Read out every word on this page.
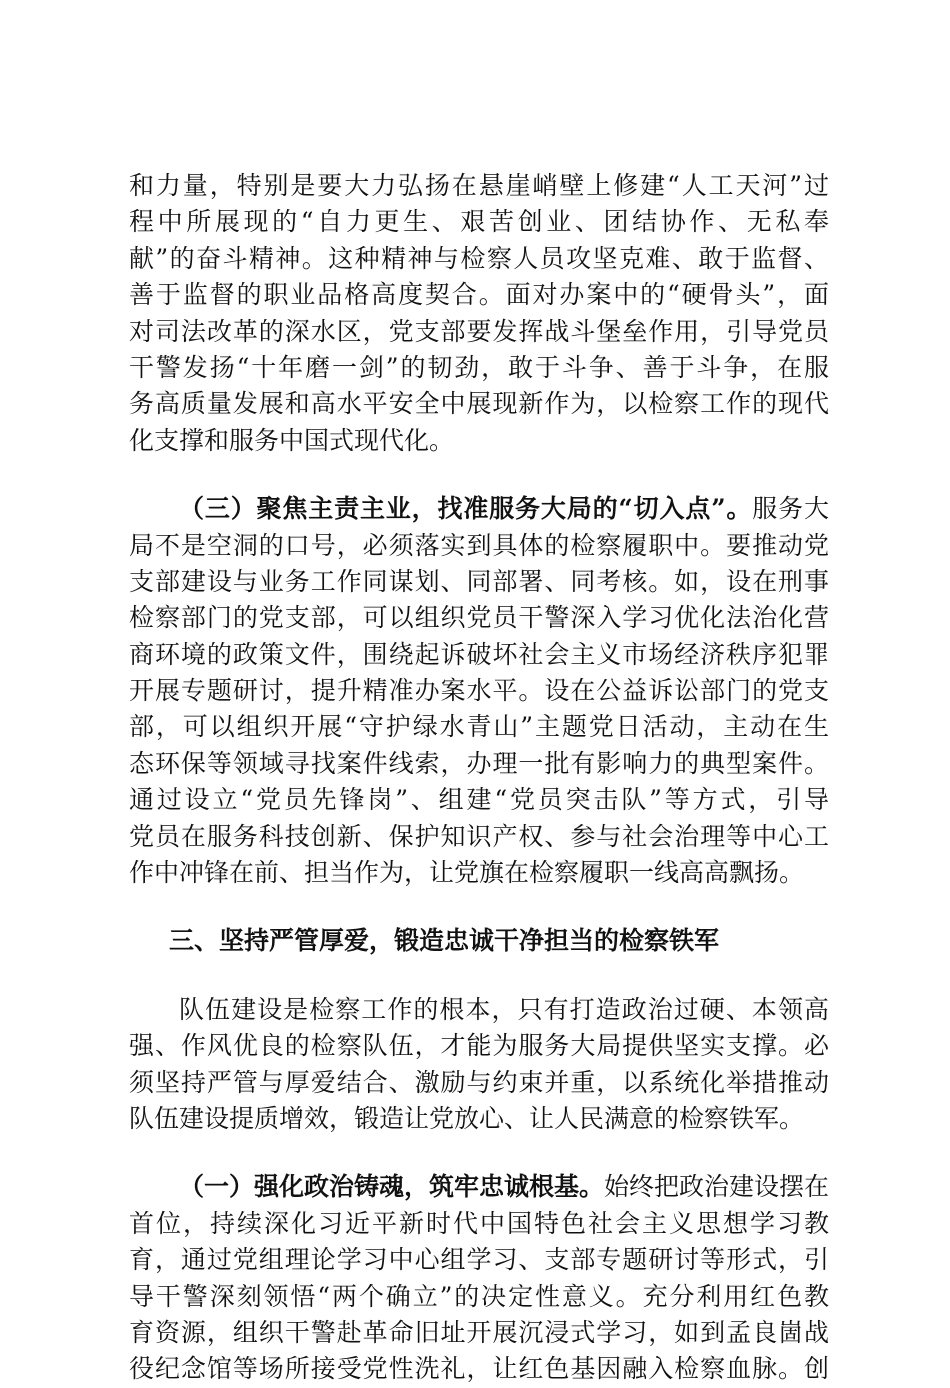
和力量，特别是要大力弘扬在悬崖峭壁上修建“人工天河”过
程中所展现的“自力更生、艰苦创业、团结协作、无私奉
献”的奋斗精神。这种精神与检察人员攻坚克难、敢于监督、
善于监督的职业品格高度契合。面对办案中的“硬骨头”，面
对司法改革的深水区，党支部要发挥战斗堡垒作用，引导党员
干警发扬“十年磨一剑”的韧劲，敢于斗争、善于斗争，在服
务高质量发展和高水平安全中展现新作为，以检察工作的现代
化支撑和服务中国式现代化。
（三）聚焦主责主业，找准服务大局的“切入点”。服务大
局不是空洞的口号，必须落实到具体的检察履职中。要推动党
支部建设与业务工作同谋划、同部署、同考核。如，设在刑事
检察部门的党支部，可以组织党员干警深入学习优化法治化营
商环境的政策文件，围绕起诉破坏社会主义市场经济秩序犯罪
开展专题研讨，提升精准办案水平。设在公益诉讼部门的党支
部，可以组织开展“守护绿水青山”主题党日活动，主动在生
态环保等领域寻找案件线索，办理一批有影响力的典型案件。
通过设立“党员先锋岗”、组建“党员突击队”等方式，引导
党员在服务科技创新、保护知识产权、参与社会治理等中心工
作中冲锋在前、担当作为，让党旗在检察履职一线高高飘扬。
三、坚持严管厚爱，锻造忠诚干净担当的检察铁军
队伍建设是检察工作的根本，只有打造政治过硬、本领高
强、作风优良的检察队伍，才能为服务大局提供坚实支撑。必
须坚持严管与厚爱结合、激励与约束并重，以系统化举措推动
队伍建设提质增效，锻造让党放心、让人民满意的检察铁军。
（一）强化政治铸魂，筑牢忠诚根基。始终把政治建设摆在
首位，持续深化习近平新时代中国特色社会主义思想学习教
育，通过党组理论学习中心组学习、支部专题研讨等形式，引
导干警深刻领悟“两个确立”的决定性意义。充分利用红色教
育资源，组织干警赴革命旧址开展沉浸式学习，如到孟良崮战
役纪念馆等场所接受党性洗礼，让红色基因融入检察血脉。创
